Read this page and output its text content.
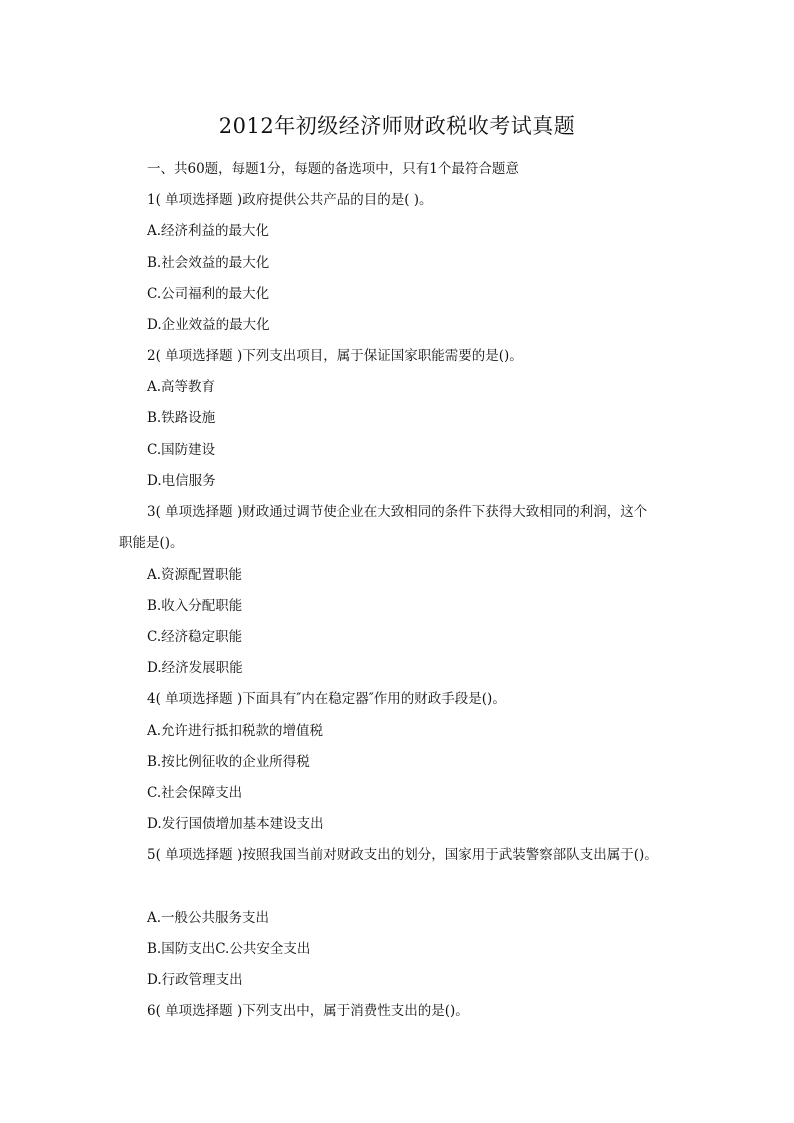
2012年初级经济师财政税收考试真题
一、共60题，每题1分，每题的备选项中，只有1个最符合题意
1( 单项选择题 )政府提供公共产品的目的是( )。
A.经济利益的最大化
B.社会效益的最大化
C.公司福利的最大化
D.企业效益的最大化
2( 单项选择题 )下列支出项目，属于保证国家职能需要的是()。
A.高等教育
B.铁路设施
C.国防建设
D.电信服务
3( 单项选择题 )财政通过调节使企业在大致相同的条件下获得大致相同的利润，这个
职能是()。
A.资源配置职能
B.收入分配职能
C.经济稳定职能
D.经济发展职能
4( 单项选择题 )下面具有″内在稳定器″作用的财政手段是()。
A.允许进行抵扣税款的增值税
B.按比例征收的企业所得税
C.社会保障支出
D.发行国债增加基本建设支出
5( 单项选择题 )按照我国当前对财政支出的划分，国家用于武装警察部队支出属于()。
A.一般公共服务支出
B.国防支出C.公共安全支出
D.行政管理支出
6( 单项选择题 )下列支出中，属于消费性支出的是()。
